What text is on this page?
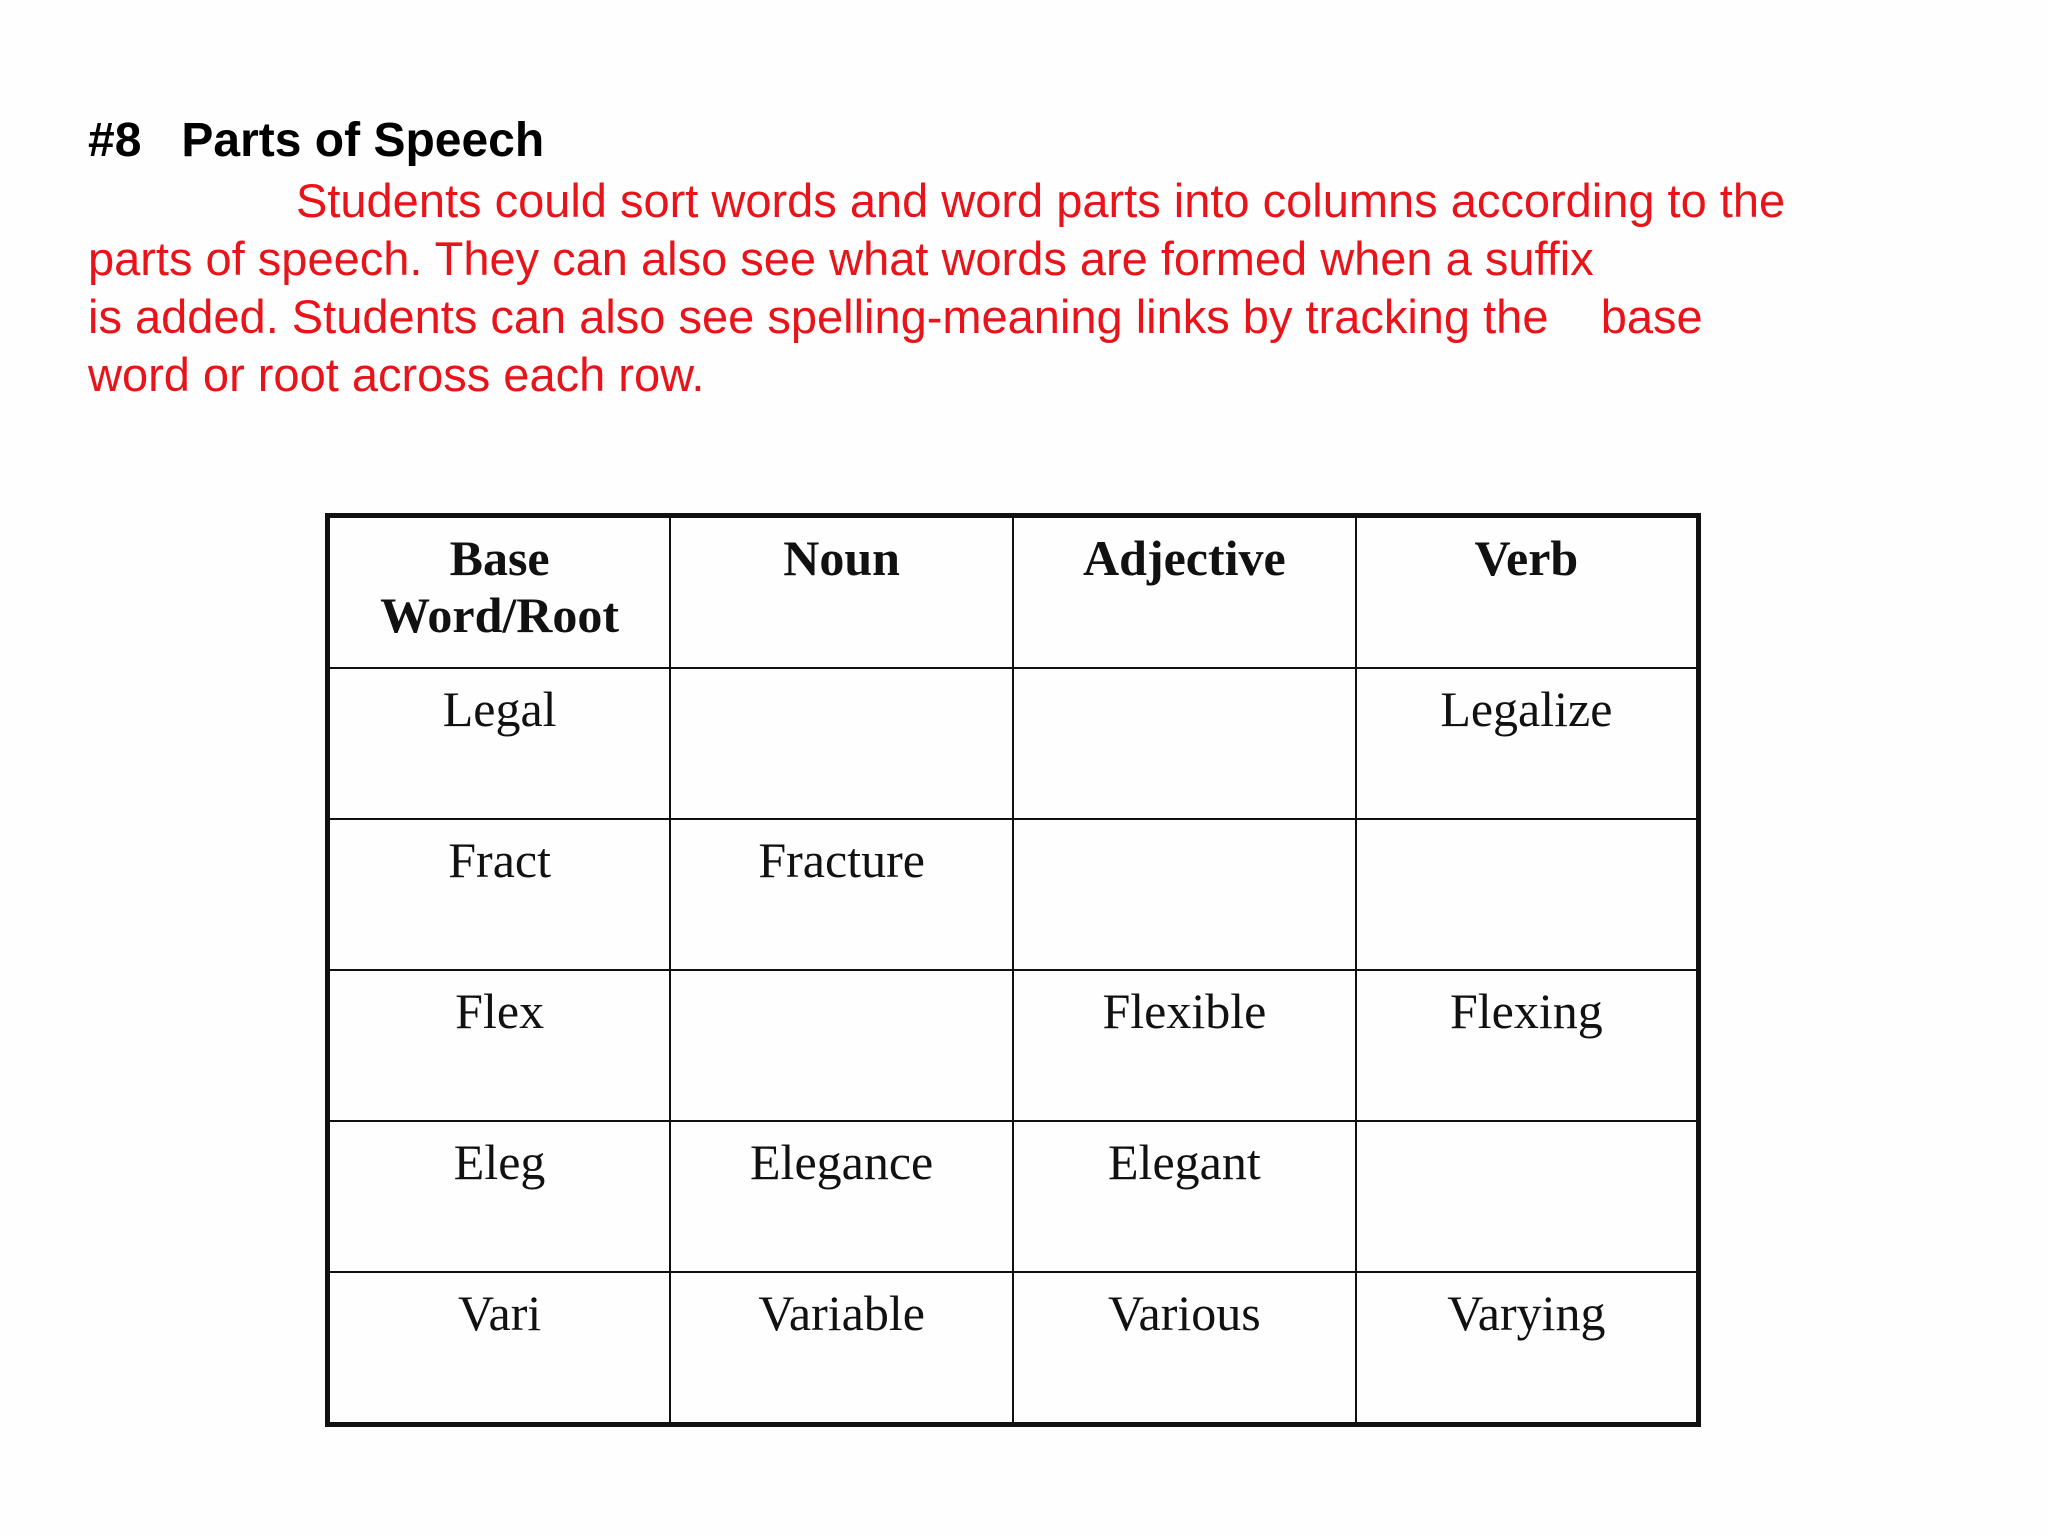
#8   Parts of Speech

Students could sort words and word parts into columns according to the
parts of speech. They can also see what words are formed when a suffix
is added. Students can also see spelling-meaning links by tracking the    base
word or root across each row.

Base Word/Root	Noun	Adjective	Verb
Legal			Legalize
Fract	Fracture		
Flex		Flexible	Flexing
Eleg	Elegance	Elegant	
Vari	Variable	Various	Varying
